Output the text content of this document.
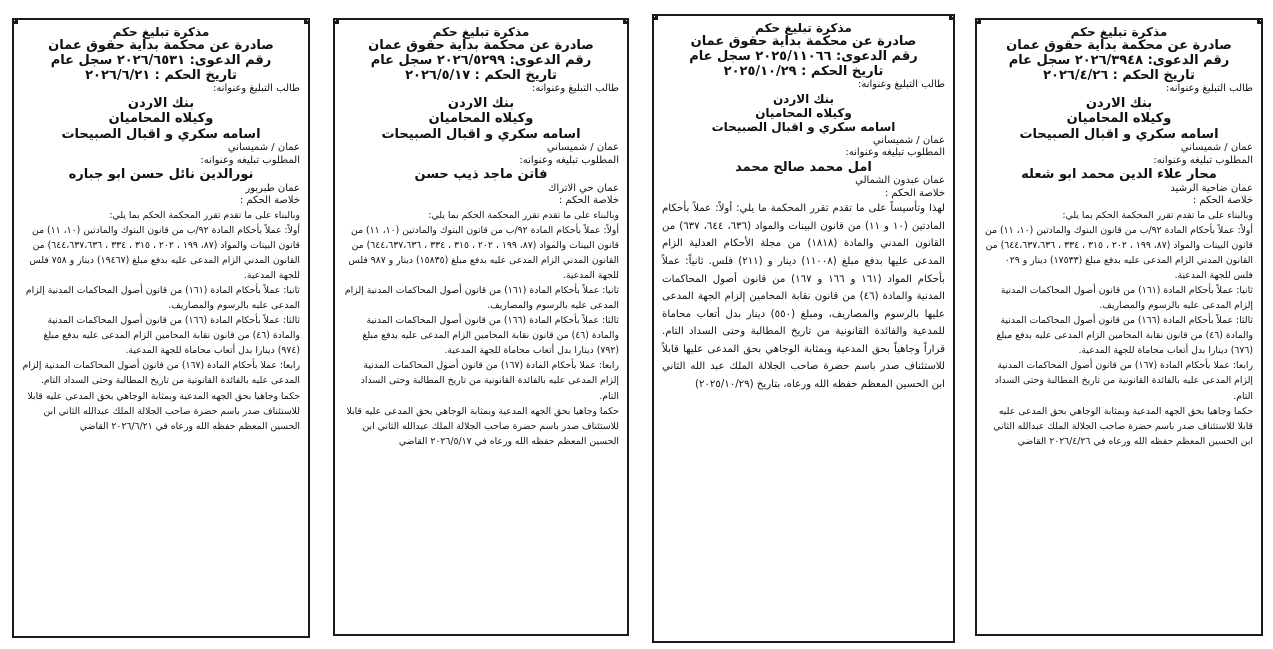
مذكرة تبليغ حكم
صادرة عن محكمة بداية حقوق عمان
رقم الدعوى: ٢٠٢٦/٣٩٤٨ سجل عام
تاريخ الحكم : ٢٠٢٦/٤/٢٦
طالب التبليغ وعنوانه:
بنك الاردن
وكيلاه المحاميان
اسامه سكري و اقبال الصبيحات
عمان / شميساني
المطلوب تبليغه وعنوانه:
محار علاء الدين محمد ابو شعله
عمان ضاحية الرشيد
خلاصة الحكم :

وبالبناء على ما تقدم تقرر المحكمة الحكم بما يلي:

أولاً: عملاً بأحكام المادة ٩٢/ب من قانون البنوك والمادتين (١٠، ١١) من قانون البينات والمواد (٨٧، ١٩٩ ، ٢٠٢ ، ٣١٥ ، ٣٣٤ ، ٦٤٤،٦٣٧،٦٣٦) من القانون المدني الزام المدعى عليه بدفع مبلغ (١٧٥٣٣) دينار و ٠٢٩ فلس للجهة المدعية.

ثانيا: عملاً بأحكام المادة (١٦١) من قانون أصول المحاكمات المدنية إلزام المدعى عليه بالرسوم والمصاريف.

ثالثا: عملاً بأحكام المادة (١٦٦) من قانون أصول المحاكمات المدنية والمادة (٤٦) من قانون نقابة المحامين الزام المدعى عليه بدفع مبلغ (٦٧٦) دينارا بدل أتعاب محاماة للجهة المدعية.

رابعا: عملا بأحكام المادة (١٦٧) من قانون أصول المحاكمات المدنية إلزام المدعى عليه بالفائدة القانونية من تاريخ المطالبة وحتى السداد التام.

حكما وجاهيا بحق الجهه المدعية وبمثابة الوجاهي بحق المدعى عليه قابلا للاستئناف صدر باسم حضرة صاحب الجلالة الملك عبدالله الثاني ابن الحسين المعظم حفظه الله ورعاه في ٢٠٢٦/٤/٢٦ القاضي

مذكرة تبليغ حكم
صادرة عن محكمة بداية حقوق عمان
رقم الدعوى: ٢٠٢٥/١١٠٦٦ سجل عام
تاريخ الحكم : ٢٠٢٥/١٠/٢٩
طالب التبليغ وعنوانه:
بنك الاردن
وكيلاه المحاميان
اسامه سكري و اقبال الصبيحات
عمان / شميساني
المطلوب تبليغه وعنوانه:
امل محمد صالح محمد
عمان عبدون الشمالي
خلاصة الحكم :

لهذا وتأسيساً على ما تقدم تقرر المحكمة ما يلي: أولاً: عملاً بأحكام المادتين (١٠ و ١١) من قانون البينات والمواد (٦٣٦، ٦٤٤، ٦٣٧) من القانون المدني والمادة (١٨١٨) من مجلة الأحكام العدلية الزام المدعى عليها بدفع مبلغ (١١٠٠٨) دينار و (٢١١) فلس. ثانياً: عملاً بأحكام المواد (١٦١ و ١٦٦ و ١٦٧) من قانون أصول المحاكمات المدنية والمادة (٤٦) من قانون نقابة المحامين إلزام الجهة المدعى عليها بالرسوم والمصاريف، ومبلغ (٥٥٠) دينار بدل أتعاب محاماة للمدعية والفائدة القانونية من تاريخ المطالبة وحتى السداد التام. قراراً وجاهياً بحق المدعية وبمثابة الوجاهي بحق المدعى عليها قابلاً للاستئناف صدر باسم حضرة صاحب الجلالة الملك عبد الله الثاني ابن الحسين المعظم حفظه الله ورعاه، بتاريخ (٢٠٢٥/١٠/٢٩)

مذكرة تبليغ حكم
صادرة عن محكمة بداية حقوق عمان
رقم الدعوى: ٢٠٢٦/٥٢٩٩ سجل عام
تاريخ الحكم : ٢٠٢٦/٥/١٧
طالب التبليغ وعنوانه:
بنك الاردن
وكيلاه المحاميان
اسامه سكري و اقبال الصبيحات
عمان / شميساني
المطلوب تبليغه وعنوانه:
فاتن ماجد ذيب حسن
عمان حي الاتراك
خلاصة الحكم :

وبالبناء على ما تقدم تقرر المحكمة الحكم بما يلي:

أولاً: عملاً بأحكام المادة ٩٢/ب من قانون البنوك والمادتين (١٠، ١١) من قانون البينات والمواد (٨٧، ١٩٩ ، ٢٠٢ ، ٣١٥ ، ٣٣٤ ، ٦٤٤،٦٣٧،٦٣٦) من القانون المدني الزام المدعى عليه بدفع مبلغ (١٥٨٣٥) دينار و ٩٨٧ فلس للجهة المدعية.

ثانيا: عملاً بأحكام المادة (١٦١) من قانون أصول المحاكمات المدنية إلزام المدعى عليه بالرسوم والمصاريف.

ثالثا: عملاً بأحكام المادة (١٦٦) من قانون أصول المحاكمات المدنية والمادة (٤٦) من قانون نقابة المحامين الزام المدعى عليه بدفع مبلغ (٧٩٢) دينارا بدل أتعاب محاماة للجهة المدعية.

رابعا: عملا بأحكام المادة (١٦٧) من قانون أصول المحاكمات المدنية إلزام المدعى عليه بالفائدة القانونية من تاريخ المطالبة وحتى السداد التام.

حكما وجاهيا بحق الجهه المدعية وبمثابة الوجاهي بحق المدعى عليه قابلا للاستئناف صدر باسم حضرة صاحب الجلالة الملك عبدالله الثاني ابن الحسين المعظم حفظه الله ورعاه في ٢٠٢٦/٥/١٧ القاضي

مذكرة تبليغ حكم
صادرة عن محكمة بداية حقوق عمان
رقم الدعوى: ٢٠٢٦/٦٥٣١ سجل عام
تاريخ الحكم : ٢٠٢٦/٦/٢١
طالب التبليغ وعنوانه:
بنك الاردن
وكيلاه المحاميان
اسامه سكري و اقبال الصبيحات
عمان / شميساني
المطلوب تبليغه وعنوانه:
نورالدين نائل حسن ابو جباره
عمان طبربور
خلاصة الحكم :

وبالبناء على ما تقدم تقرر المحكمة الحكم بما يلي:

أولاً: عملاً بأحكام المادة ٩٢/ب من قانون البنوك والمادتين (١٠، ١١) من قانون البينات والمواد (٨٧، ١٩٩ ، ٢٠٢ ، ٣١٥ ، ٣٣٤ ، ٦٤٤،٦٣٧،٦٣٦) من القانون المدني الزام المدعى عليه بدفع مبلغ (١٩٤٦٧) دينار و ٧٥٨ فلس للجهة المدعية.

ثانيا: عملاً بأحكام المادة (١٦١) من قانون أصول المحاكمات المدنية إلزام المدعى عليه بالرسوم والمصاريف.

ثالثا: عملاً بأحكام المادة (١٦٦) من قانون أصول المحاكمات المدنية والمادة (٤٦) من قانون نقابة المحامين الزام المدعى عليه بدفع مبلغ (٩٧٤) دينارا بدل أتعاب محاماة للجهة المدعية.

رابعا: عملا بأحكام المادة (١٦٧) من قانون أصول المحاكمات المدنية إلزام المدعى عليه بالفائدة القانونية من تاريخ المطالبة وحتى السداد التام.

حكما وجاهيا بحق الجهه المدعية وبمثابة الوجاهي بحق المدعى عليه قابلا للاستئناف صدر باسم حضرة صاحب الجلالة الملك عبدالله الثاني ابن الحسين المعظم حفظه الله ورعاه في ٢٠٢٦/٦/٢١ القاضي
